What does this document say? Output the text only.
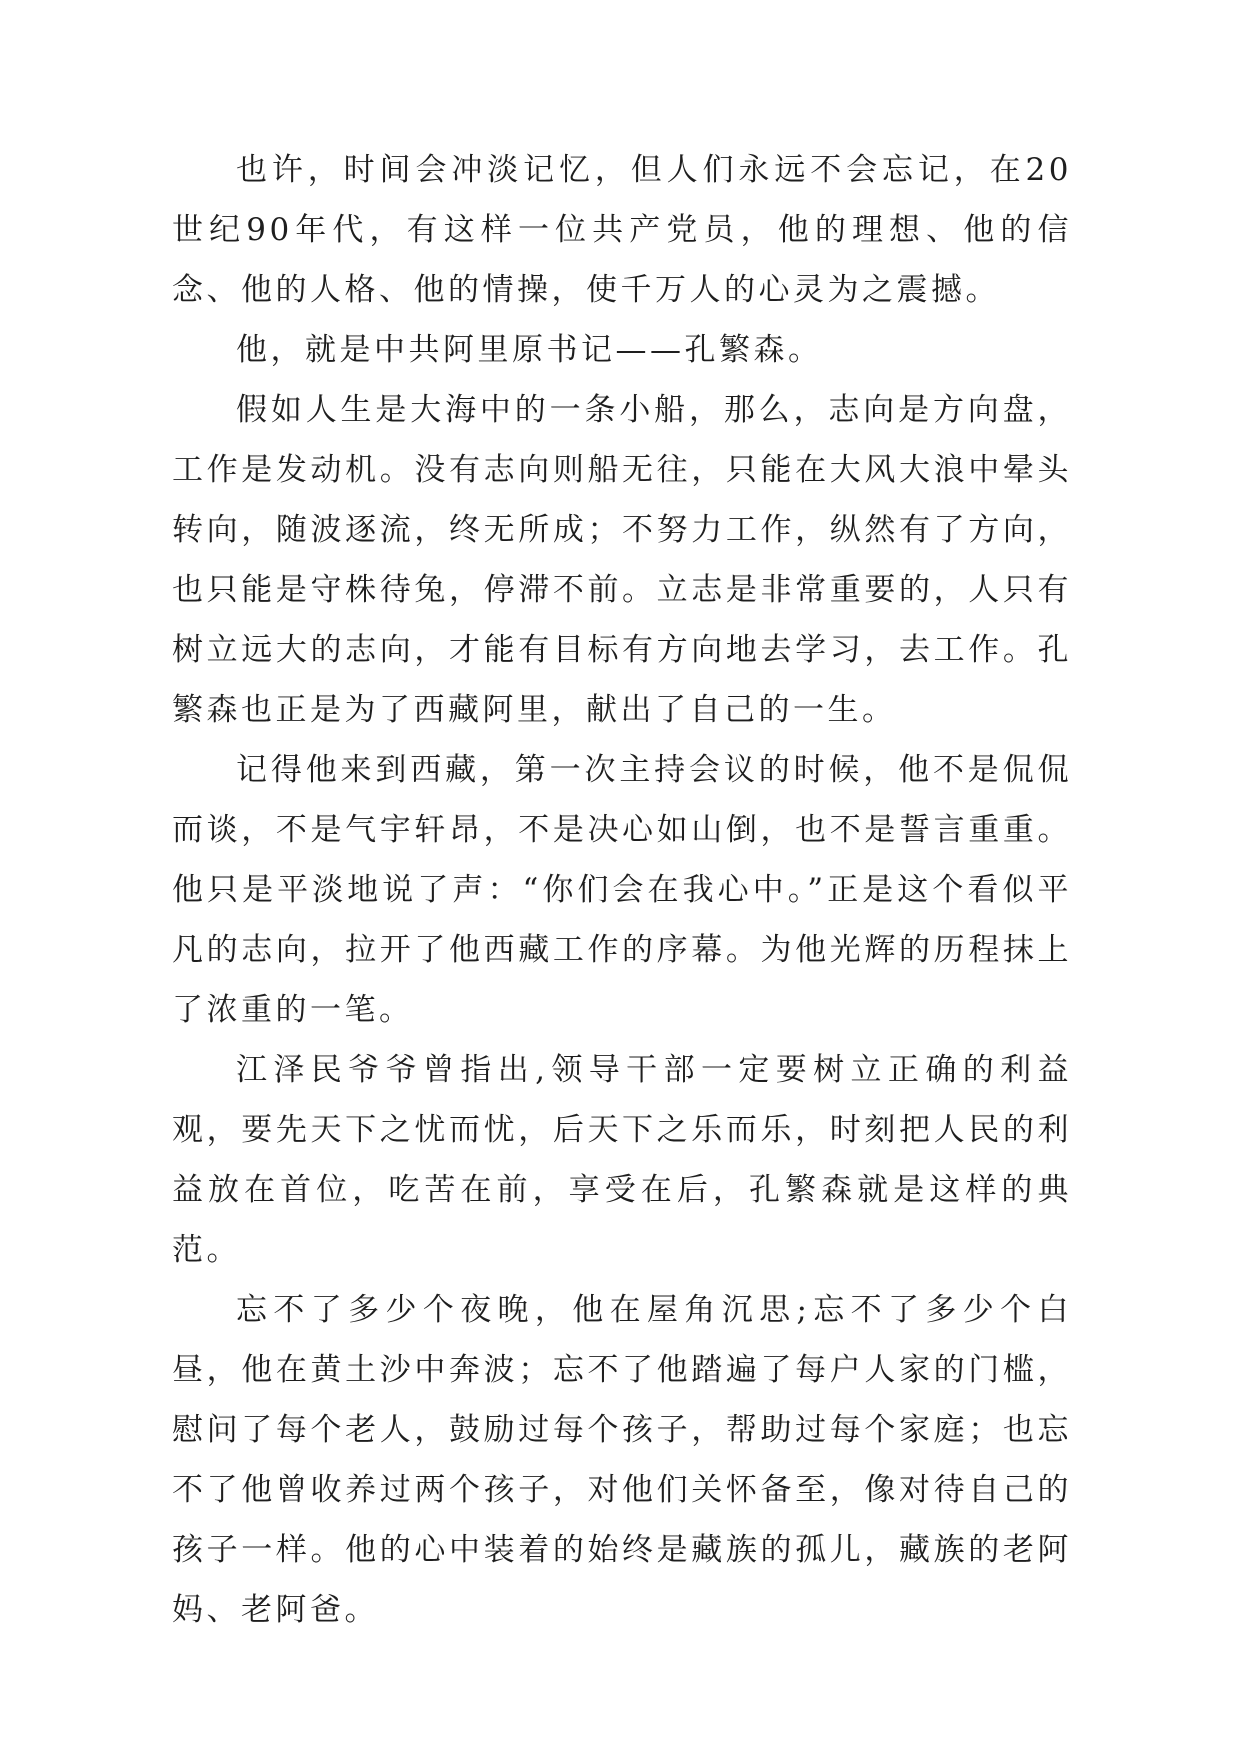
也许，时间会冲淡记忆，但人们永远不会忘记，在20世纪90年代，有这样一位共产党员，他的理想、他的信念、他的人格、他的情操，使千万人的心灵为之震撼。

他，就是中共阿里原书记——孔繁森。

假如人生是大海中的一条小船，那么，志向是方向盘，工作是发动机。没有志向则船无往，只能在大风大浪中晕头转向，随波逐流，终无所成；不努力工作，纵然有了方向，也只能是守株待兔，停滞不前。立志是非常重要的，人只有树立远大的志向，才能有目标有方向地去学习，去工作。孔繁森也正是为了西藏阿里，献出了自己的一生。

记得他来到西藏，第一次主持会议的时候，他不是侃侃而谈，不是气宇轩昂，不是决心如山倒，也不是誓言重重。他只是平淡地说了声：“你们会在我心中。”正是这个看似平凡的志向，拉开了他西藏工作的序幕。为他光辉的历程抹上了浓重的一笔。

江泽民爷爷曾指出,领导干部一定要树立正确的利益观，要先天下之忧而忧，后天下之乐而乐，时刻把人民的利益放在首位，吃苦在前，享受在后，孔繁森就是这样的典范。

忘不了多少个夜晚，他在屋角沉思;忘不了多少个白昼，他在黄土沙中奔波；忘不了他踏遍了每户人家的门槛，慰问了每个老人，鼓励过每个孩子，帮助过每个家庭；也忘不了他曾收养过两个孩子，对他们关怀备至，像对待自己的孩子一样。他的心中装着的始终是藏族的孤儿，藏族的老阿妈、老阿爸。
